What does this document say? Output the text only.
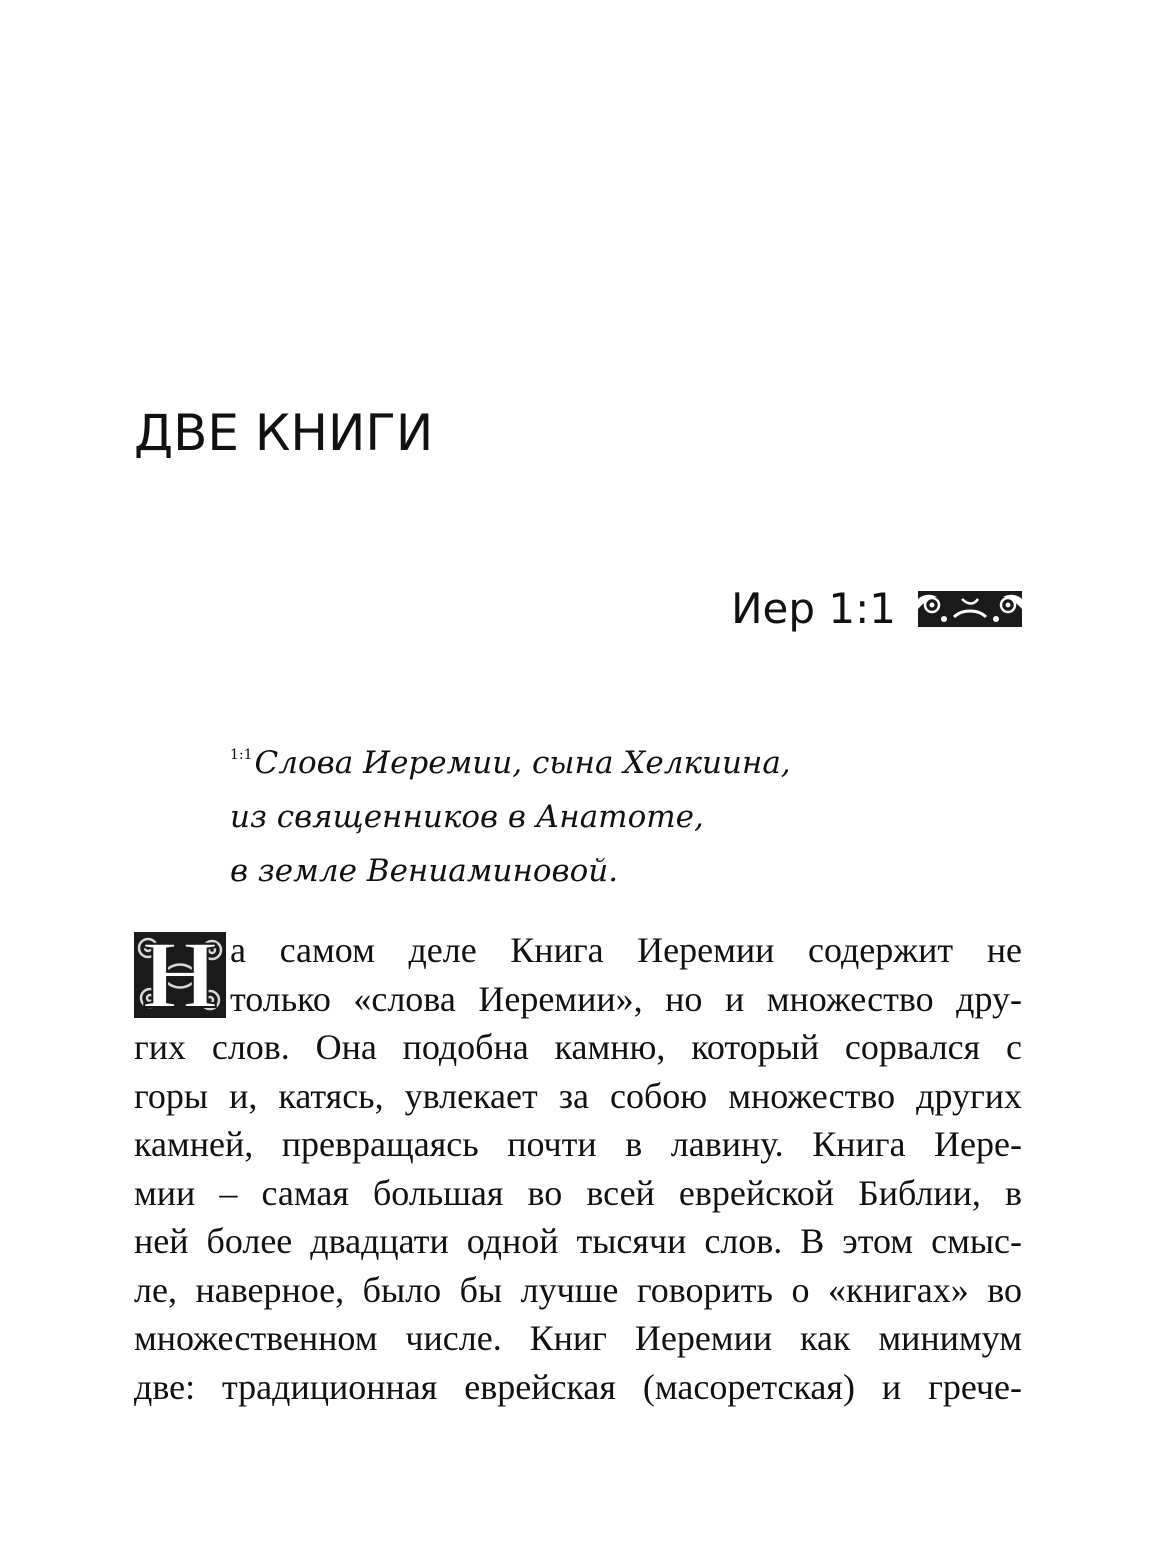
ДВЕ КНИГИ
Иер 1:1
$^{1:1}$Слова Иеремии, сына Хелкиина,
из священников в Анатоте,
в земле Вениаминовой.
Н а самом деле Книга Иеремии содержит не
только «слова Иеремии», но и множество дру-
гих слов. Она подобна камню, который сорвался с
горы и, катясь, увлекает за собою множество других
камней, превращаясь почти в лавину. Книга Иере-
мии – самая большая во всей еврейской Библии, в
ней более двадцати одной тысячи слов. В этом смыс-
ле, наверное, было бы лучше говорить о «книгах» во
множественном числе. Книг Иеремии как минимум
две: традиционная еврейская (масоретская) и грече-
